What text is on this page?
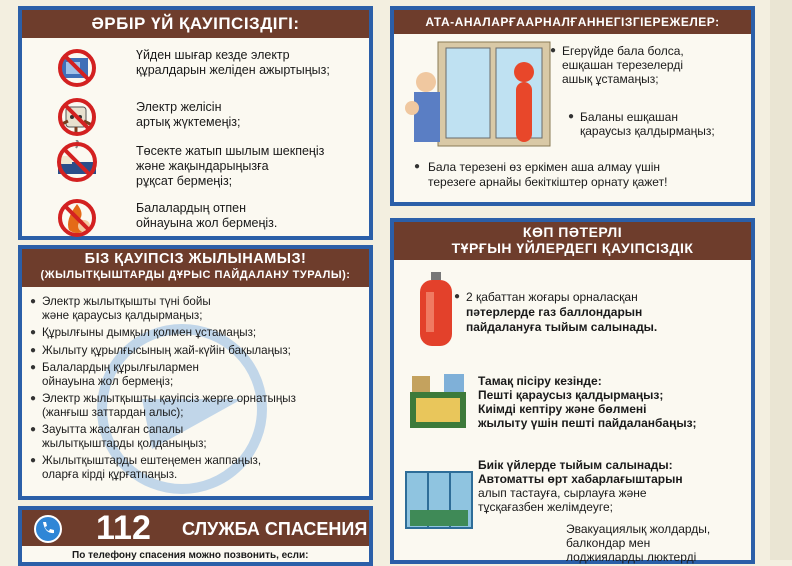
ӘРБІР ҮЙ ҚАУІПСІЗДІГІ:
Үйден шығар кезде электр
құралдарын желіден ажыртыңыз;
Электр желісін
артық жүктемеңіз;
Төсекте жатып шылым шекпеңіз
және жақындарыңызға
рұқсат бермеңіз;
Балалардың отпен
ойнауына жол бермеңіз.
БІЗ ҚАУІПСІЗ ЖЫЛЫНАМЫЗ!
(ЖЫЛЫТҚЫШТАРДЫ ДҰРЫС ПАЙДАЛАНУ ТУРАЛЫ):
● Электр жылытқышты түні бойы
және қараусыз қалдырмаңыз;
● Құрылғыны дымқыл қолмен ұстамаңыз;
● Жылыту құрылғысының жай-күйін бақылаңыз;
● Балалардың құрылғылармен
ойнауына жол бермеңіз;
● Электр жылытқышты қауіпсіз жерге орнатыңыз
(жанғыш заттардан алыс);
● Зауытта жасалған сапалы
жылытқыштарды қолданыңыз;
● Жылытқыштарды ештеңемен жаппаңыз,
оларға кірді құрғатпаңыз.
112 СЛУЖБА СПАСЕНИЯ
По телефону спасения можно позвонить, если:
АТА-АНАЛАРҒААРНАЛҒАННЕГІЗГІЕРЕЖЕЛЕР:
● Егерүйде бала болса,
ешқашан терезелерді
ашық ұстамаңыз;
● Баланы ешқашан
қараусыз қалдырмаңыз;
● Бала терезені өз еркімен аша алмау үшін
терезеге арнайы бекіткіштер орнату қажет!
КӨП ПӘТЕРЛІ
ТҰРҒЫН ҮЙЛЕРДЕГІ ҚАУІПСІЗДІК
● 2 қабаттан жоғары орналасқан
пәтерлерде газ баллондарын
пайдалануға тыйым салынады.
Тамақ пісіру кезінде:
Пешті қараусыз қалдырмаңыз;
Киімді кептіру және бөлмені
жылыту үшін пешті пайдаланбаңыз;
Биік үйлерде тыйым салынады:
Автоматты өрт хабарлағыштарын
алып тастауға, сырлауға және
тұсқағазбен желімдеуге;
Эвакуациялық жолдарды,
балкондар мен
лоджияларды люктерді
